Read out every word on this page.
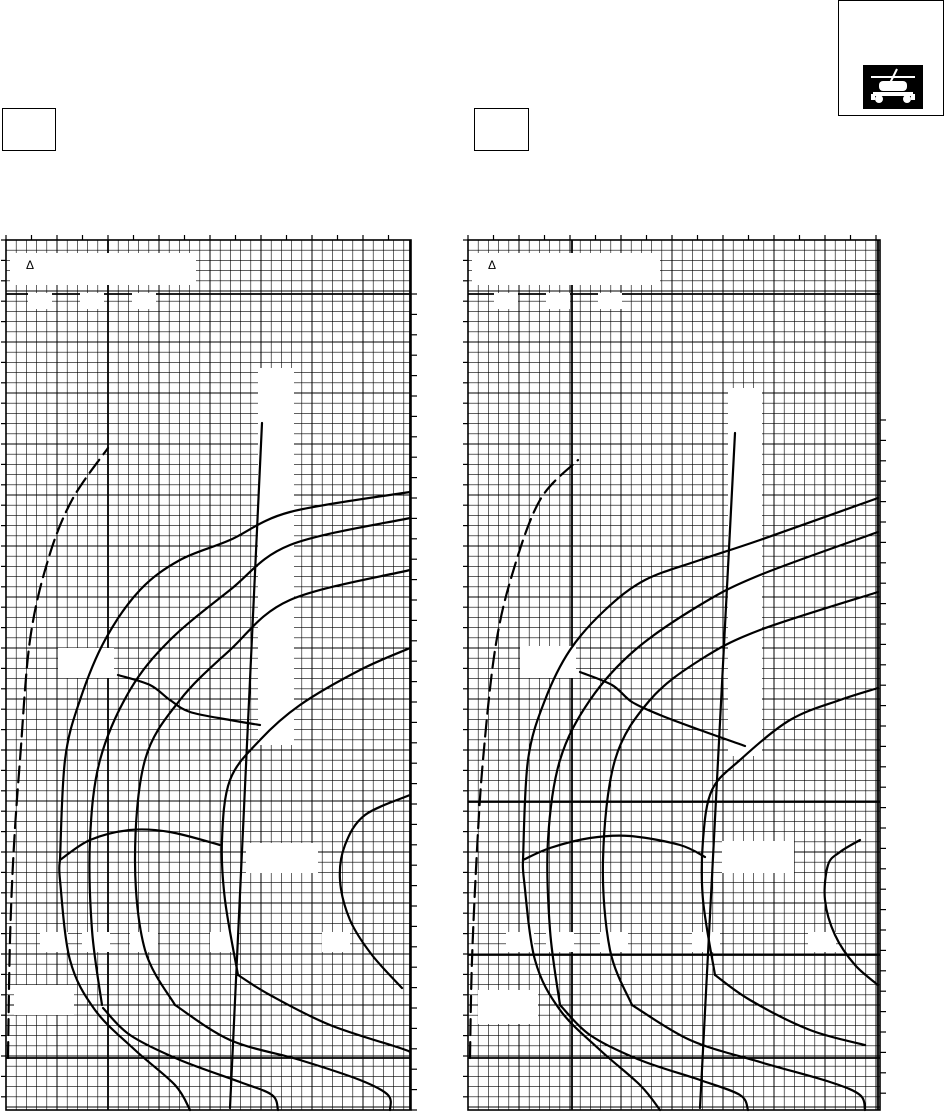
Δ	Δ
